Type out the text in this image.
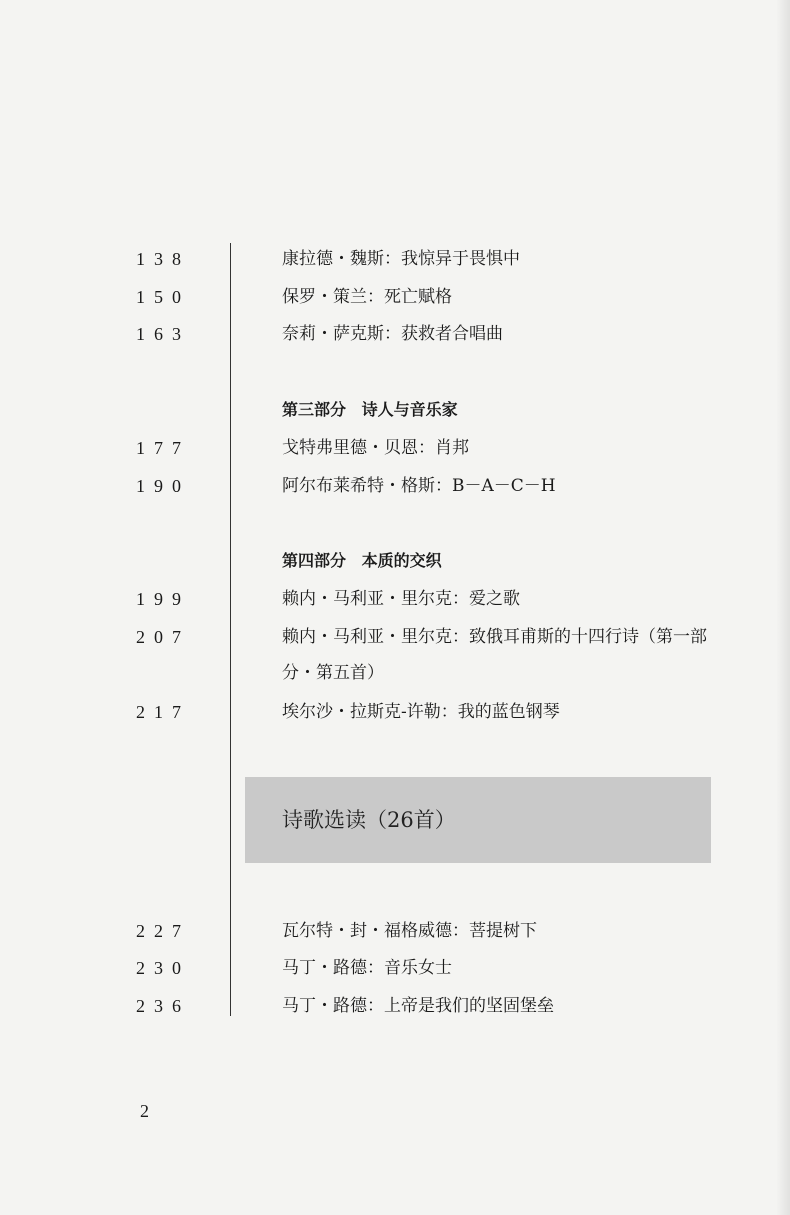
138	康拉德・魏斯：我惊异于畏惧中
150	保罗・策兰：死亡赋格
163	奈莉・萨克斯：获救者合唱曲
第三部分 诗人与音乐家
177	戈特弗里德・贝恩：肖邦
190	阿尔布莱希特・格斯：B－A－C－H
第四部分 本质的交织
199	赖内・马利亚・里尔克：爱之歌
207	赖内・马利亚・里尔克：致俄耳甫斯的十四行诗（第一部分・第五首）
217	埃尔沙・拉斯克-许勒：我的蓝色钢琴
诗歌选读（26首）
227	瓦尔特・封・福格威德：菩提树下
230	马丁・路德：音乐女士
236	马丁・路德：上帝是我们的坚固堡垒
2
